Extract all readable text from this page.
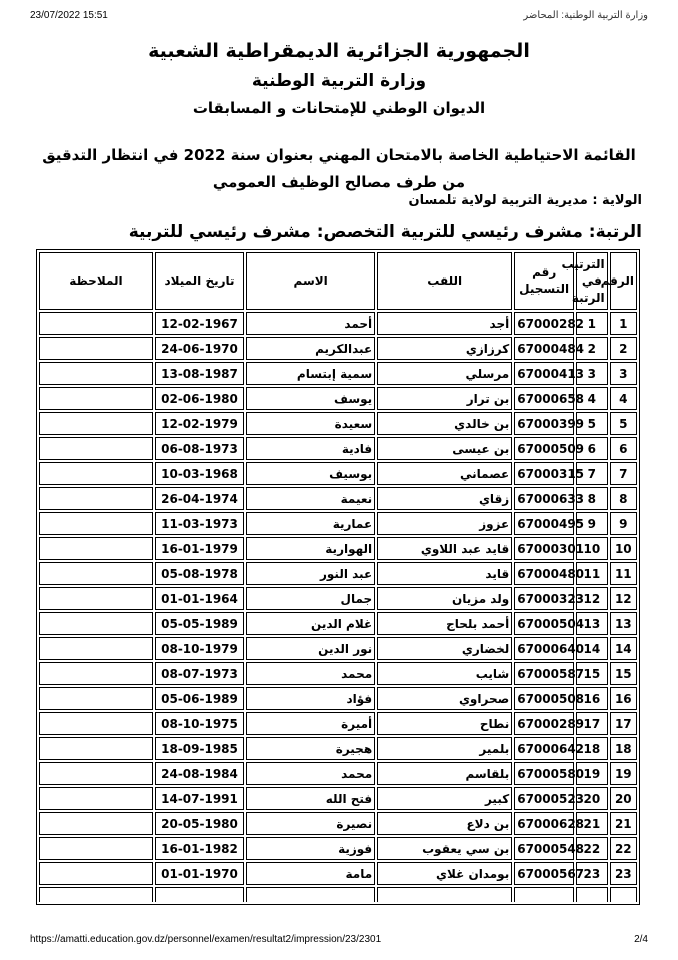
23/07/2022 15:51	وزارة التربية الوطنية: المحاضر
الجمهورية الجزائرية الديمقراطية الشعبية
وزارة التربية الوطنية
الديوان الوطني للإمتحانات و المسابقات
القائمة الاحتياطية الخاصة بالامتحان المهني بعنوان سنة 2022 في انتظار التدقيق من طرف مصالح الوظيف العمومي
الولاية : مديرية التربية لولاية تلمسان
الرتبة: مشرف رئيسي للتربية التخصص: مشرف رئيسي للتربية
الرقم	الترتيب في الرتبة	رقم التسجيل	اللقب	الاسم	تاريخ الميلاد	الملاحظة
1	1	67000282	أجد	أحمد	12-02-1967	
2	2	67000484	كرزازي	عبدالكريم	24-06-1970	
3	3	67000413	مرسلي	سمية إبتسام	13-08-1987	
4	4	67000658	بن ترار	يوسف	02-06-1980	
5	5	67000399	بن خالدي	سعيدة	12-02-1979	
6	6	67000509	بن عيسى	فادية	06-08-1973	
7	7	67000315	عصماني	بوسيف	10-03-1968	
8	8	67000633	زقاي	نعيمة	26-04-1974	
9	9	67000495	عزوز	عمارية	11-03-1973	
10	10	67000301	قايد عبد اللاوي	الهوارية	16-01-1979	
11	11	67000480	قايد	عبد النور	05-08-1978	
12	12	67000323	ولد مزيان	جمال	01-01-1964	
13	13	67000504	أحمد بلحاج	غلام الدين	05-05-1989	
14	14	67000640	لخضاري	نور الدين	08-10-1979	
15	15	67000587	شايب	محمد	08-07-1973	
16	16	67000508	صحراوي	فؤاد	05-06-1989	
17	17	67000289	نطاح	أميرة	08-10-1975	
18	18	67000642	بلمير	هجيرة	18-09-1985	
19	19	67000580	بلقاسم	محمد	24-08-1984	
20	20	67000523	كبير	فتح الله	14-07-1991	
21	21	67000628	بن دلاع	نصيرة	20-05-1980	
22	22	67000548	بن سي يعقوب	فوزية	16-01-1982	
23	23	67000567	بومدان غلاي	مامة	01-01-1970	

https://amatti.education.gov.dz/personnel/examen/resultat2/impression/23/2301	2/4
